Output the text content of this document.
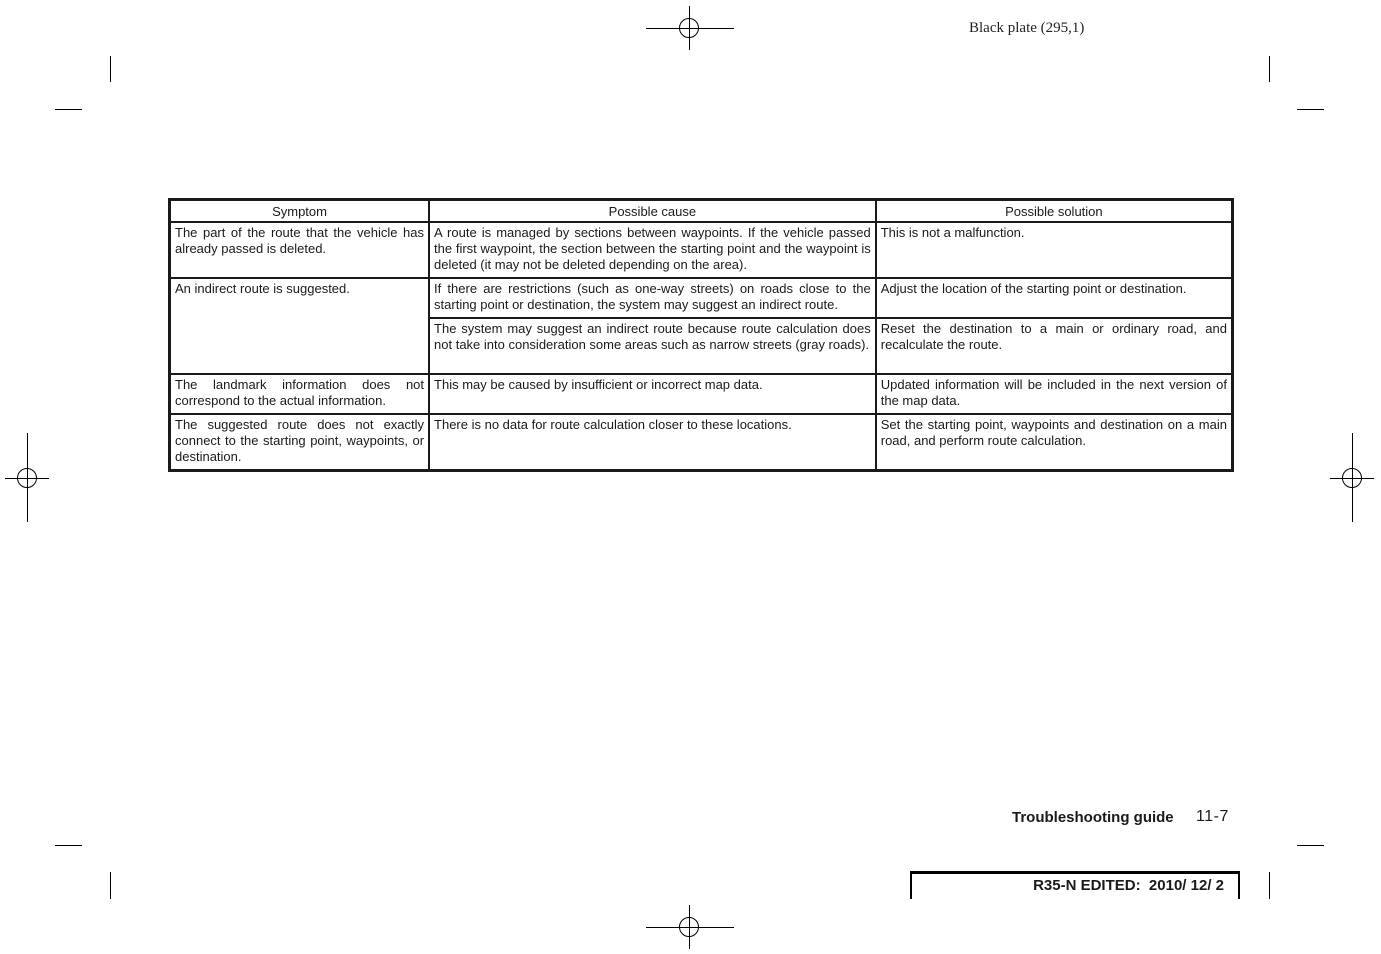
Black plate (295,1)
Symptom	Possible cause	Possible solution
The part of the route that the vehicle has already passed is deleted.	A route is managed by sections between waypoints. If the vehicle passed the first waypoint, the section between the starting point and the waypoint is deleted (it may not be deleted depending on the area).	This is not a malfunction.
An indirect route is suggested.	If there are restrictions (such as one-way streets) on roads close to the starting point or destination, the system may suggest an indirect route.	Adjust the location of the starting point or destination.
	The system may suggest an indirect route because route calculation does not take into consideration some areas such as narrow streets (gray roads).	Reset the destination to a main or ordinary road, and recalculate the route.
The landmark information does not correspond to the actual information.	This may be caused by insufficient or incorrect map data.	Updated information will be included in the next version of the map data.
The suggested route does not exactly connect to the starting point, waypoints, or destination.	There is no data for route calculation closer to these locations.	Set the starting point, waypoints and destination on a main road, and perform route calculation.
Troubleshooting guide 11-7
R35-N EDITED:  2010/ 12/ 2
